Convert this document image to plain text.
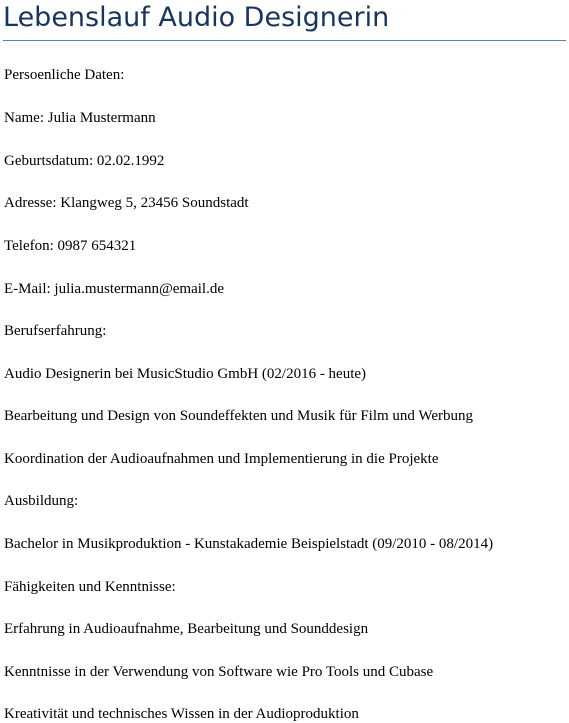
Lebenslauf Audio Designerin

Persoenliche Daten:

Name: Julia Mustermann

Geburtsdatum: 02.02.1992

Adresse: Klangweg 5, 23456 Soundstadt

Telefon: 0987 654321

E-Mail: julia.mustermann@email.de

Berufserfahrung:

Audio Designerin bei MusicStudio GmbH (02/2016 - heute)

Bearbeitung und Design von Soundeffekten und Musik für Film und Werbung

Koordination der Audioaufnahmen und Implementierung in die Projekte

Ausbildung:

Bachelor in Musikproduktion - Kunstakademie Beispielstadt (09/2010 - 08/2014)

Fähigkeiten und Kenntnisse:

Erfahrung in Audioaufnahme, Bearbeitung und Sounddesign

Kenntnisse in der Verwendung von Software wie Pro Tools und Cubase

Kreativität und technisches Wissen in der Audioproduktion
